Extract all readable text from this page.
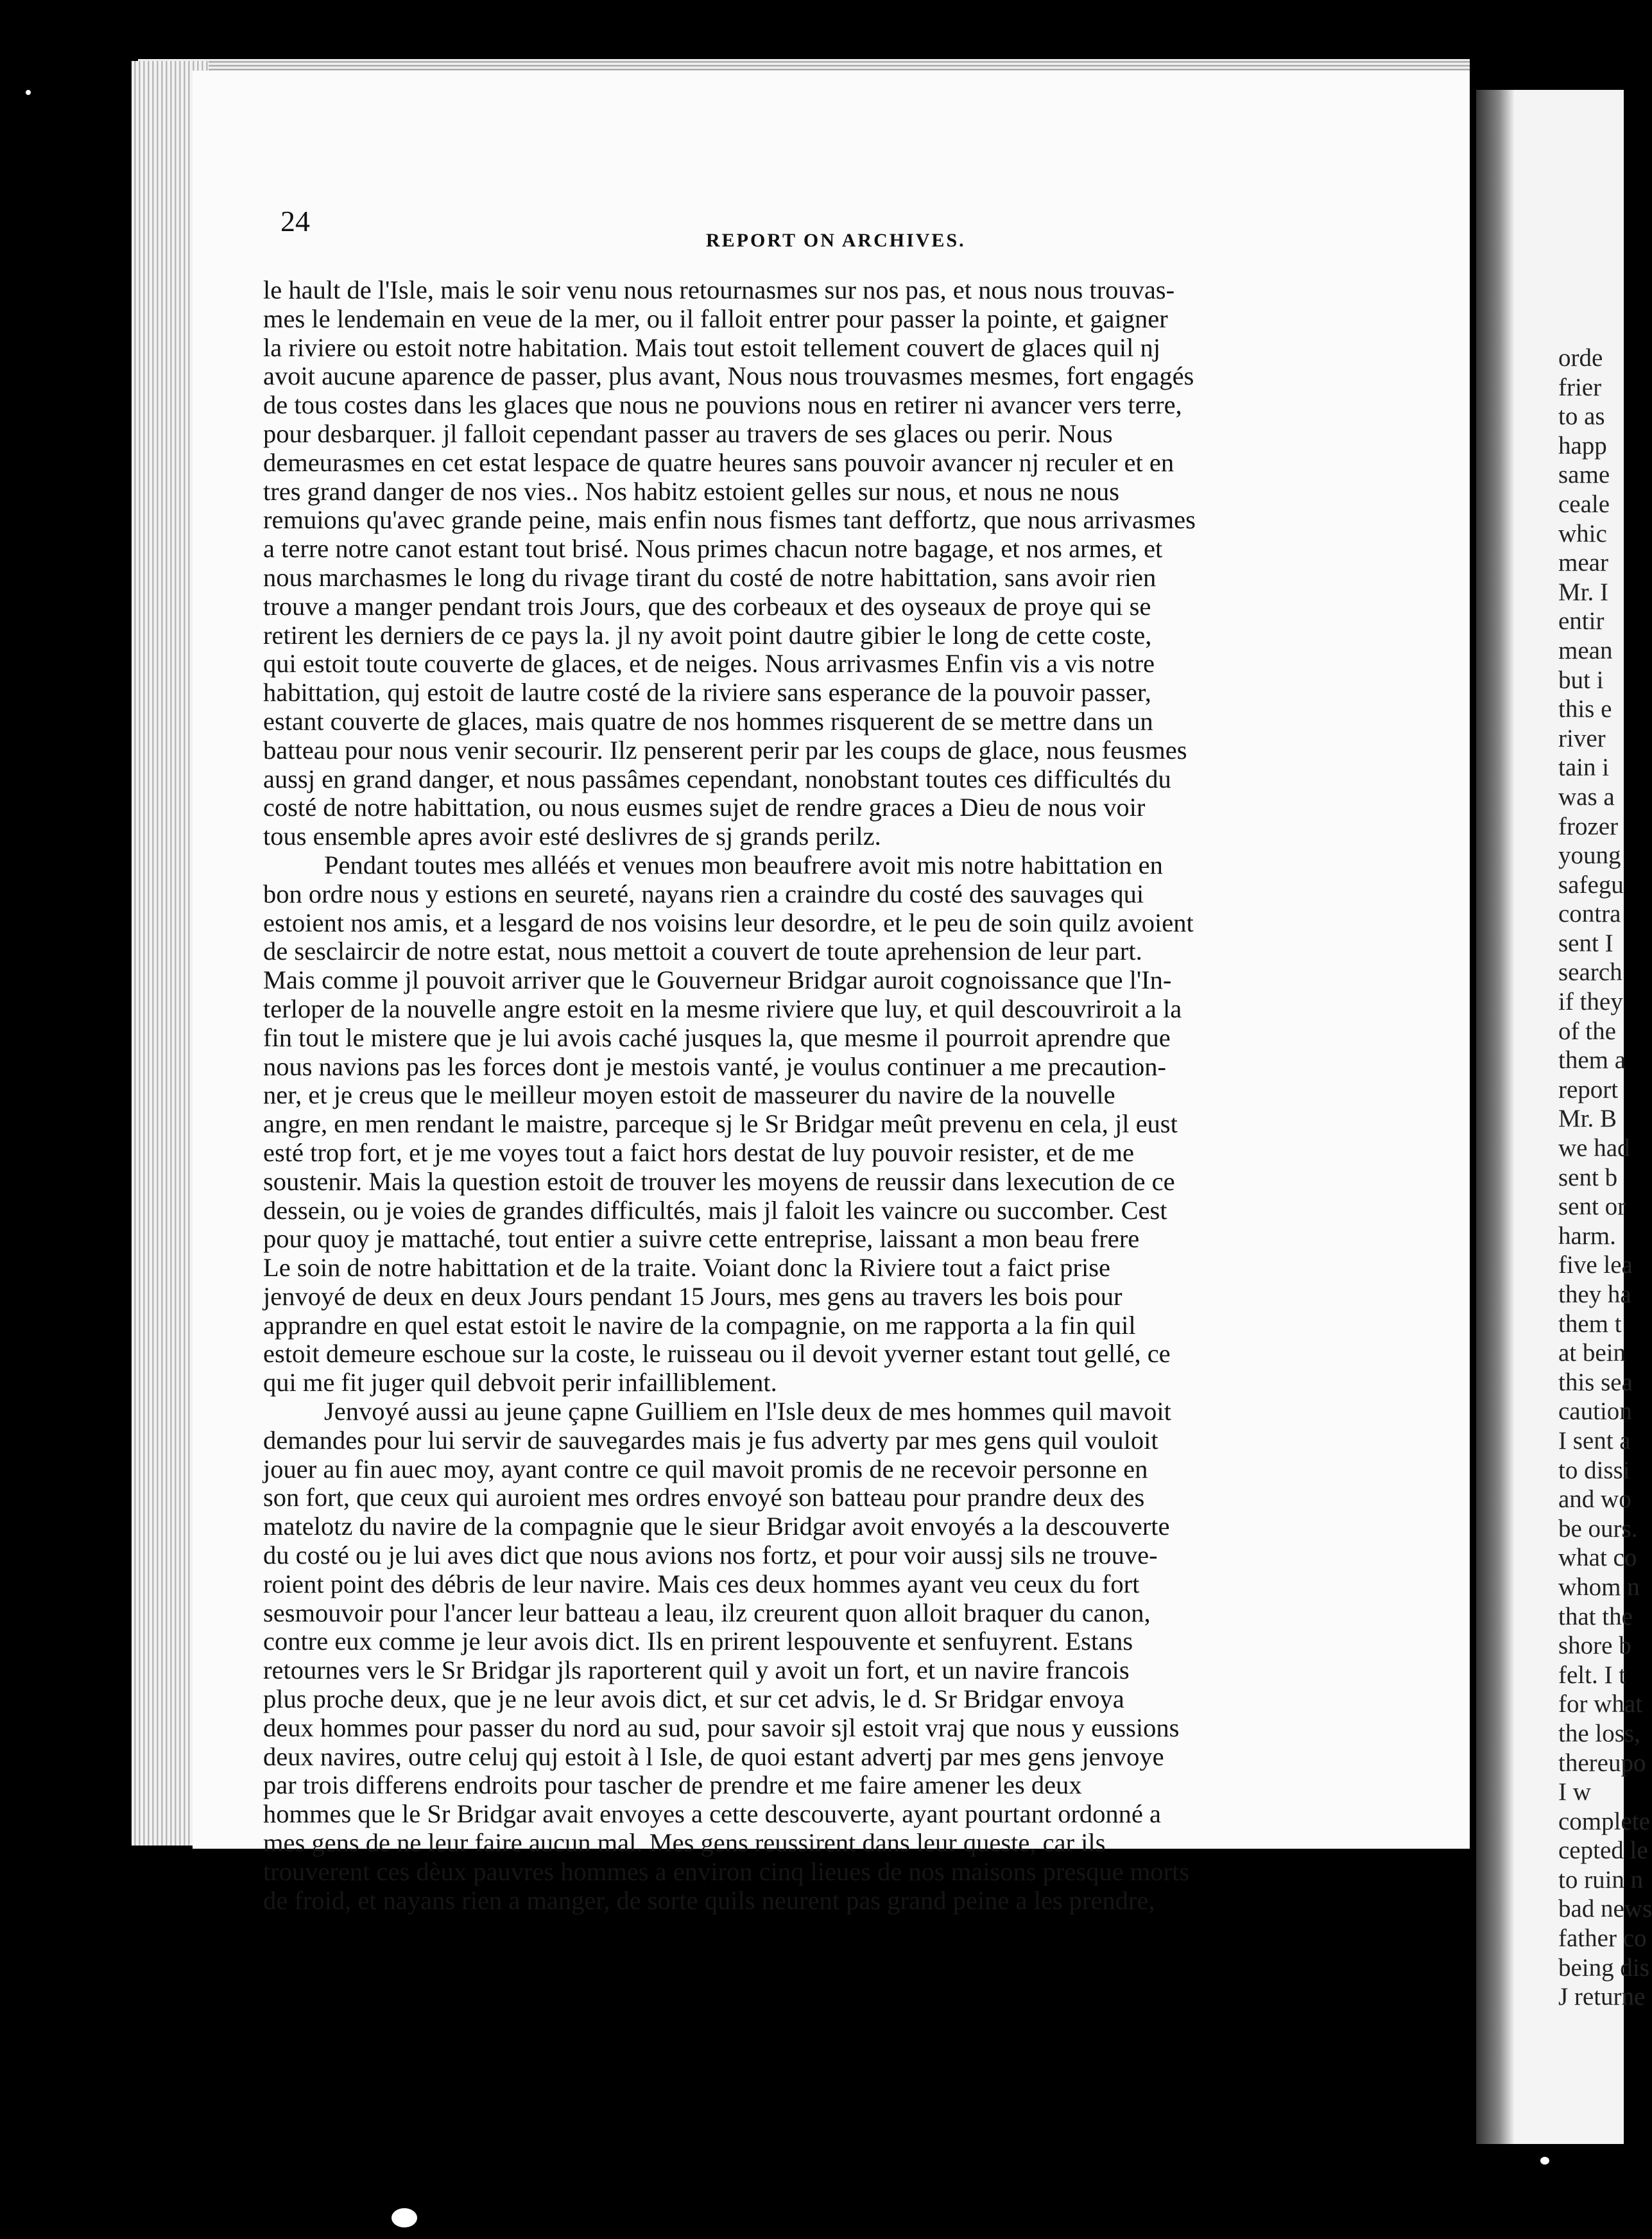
orde
frier
to as
happ
same
ceale
whic
mear
Mr. I
entir
mean
but i
this e
river
tain i
was a
frozer
young
safegu
contra
sent I
search
if they
of the
them a
report
Mr. B
we had
sent b
sent or
harm.
five lea
they ha
them t
at bein
this sea
caution
I sent a
to dissi
and wo
be ours.
what co
whom n
that the
shore b
felt. I t
for what
the loss,
thereupo
I w
complete
cepted le
to ruin n
bad news
father co
being dis
J returne
24
REPORT ON ARCHIVES.
le hault de l'Isle, mais le soir venu nous retournasmes sur nos pas, et nous nous trouvas-
mes le lendemain en veue de la mer, ou il falloit entrer pour passer la pointe, et gaigner
la riviere ou estoit notre habitation. Mais tout estoit tellement couvert de glaces quil nj
avoit aucune aparence de passer, plus avant, Nous nous trouvasmes mesmes, fort engagés
de tous costes dans les glaces que nous ne pouvions nous en retirer ni avancer vers terre,
pour desbarquer. jl falloit cependant passer au travers de ses glaces ou perir. Nous
demeurasmes en cet estat lespace de quatre heures sans pouvoir avancer nj reculer et en
tres grand danger de nos vies.. Nos habitz estoient gelles sur nous, et nous ne nous
remuions qu'avec grande peine, mais enfin nous fismes tant deffortz, que nous arrivasmes
a terre notre canot estant tout brisé. Nous primes chacun notre bagage, et nos armes, et
nous marchasmes le long du rivage tirant du costé de notre habittation, sans avoir rien
trouve a manger pendant trois Jours, que des corbeaux et des oyseaux de proye qui se
retirent les derniers de ce pays la. jl ny avoit point dautre gibier le long de cette coste,
qui estoit toute couverte de glaces, et de neiges. Nous arrivasmes Enfin vis a vis notre
habittation, quj estoit de lautre costé de la riviere sans esperance de la pouvoir passer,
estant couverte de glaces, mais quatre de nos hommes risquerent de se mettre dans un
batteau pour nous venir secourir. Ilz penserent perir par les coups de glace, nous feusmes
aussj en grand danger, et nous passâmes cependant, nonobstant toutes ces difficultés du
costé de notre habittation, ou nous eusmes sujet de rendre graces a Dieu de nous voir
tous ensemble apres avoir esté deslivres de sj grands perilz.
Pendant toutes mes alléés et venues mon beaufrere avoit mis notre habittation en
bon ordre nous y estions en seureté, nayans rien a craindre du costé des sauvages qui
estoient nos amis, et a lesgard de nos voisins leur desordre, et le peu de soin quilz avoient
de sesclaircir de notre estat, nous mettoit a couvert de toute aprehension de leur part.
Mais comme jl pouvoit arriver que le Gouverneur Bridgar auroit cognoissance que l'In-
terloper de la nouvelle angre estoit en la mesme riviere que luy, et quil descouvriroit a la
fin tout le mistere que je lui avois caché jusques la, que mesme il pourroit aprendre que
nous navions pas les forces dont je mestois vanté, je voulus continuer a me precaution-
ner, et je creus que le meilleur moyen estoit de masseurer du navire de la nouvelle
angre, en men rendant le maistre, parceque sj le Sr Bridgar meût prevenu en cela, jl eust
esté trop fort, et je me voyes tout a faict hors destat de luy pouvoir resister, et de me
soustenir. Mais la question estoit de trouver les moyens de reussir dans lexecution de ce
dessein, ou je voies de grandes difficultés, mais jl faloit les vaincre ou succomber. Cest
pour quoy je mattaché, tout entier a suivre cette entreprise, laissant a mon beau frere
Le soin de notre habittation et de la traite. Voiant donc la Riviere tout a faict prise
jenvoyé de deux en deux Jours pendant 15 Jours, mes gens au travers les bois pour
apprandre en quel estat estoit le navire de la compagnie, on me rapporta a la fin quil
estoit demeure eschoue sur la coste, le ruisseau ou il devoit yverner estant tout gellé, ce
qui me fit juger quil debvoit perir infailliblement.
Jenvoyé aussi au jeune çapne Guilliem en l'Isle deux de mes hommes quil mavoit
demandes pour lui servir de sauvegardes mais je fus adverty par mes gens quil vouloit
jouer au fin auec moy, ayant contre ce quil mavoit promis de ne recevoir personne en
son fort, que ceux qui auroient mes ordres envoyé son batteau pour prandre deux des
matelotz du navire de la compagnie que le sieur Bridgar avoit envoyés a la descouverte
du costé ou je lui aves dict que nous avions nos fortz, et pour voir aussj sils ne trouve-
roient point des débris de leur navire. Mais ces deux hommes ayant veu ceux du fort
sesmouvoir pour l'ancer leur batteau a leau, ilz creurent quon alloit braquer du canon,
contre eux comme je leur avois dict. Ils en prirent lespouvente et senfuyrent. Estans
retournes vers le Sr Bridgar jls raporterent quil y avoit un fort, et un navire francois
plus proche deux, que je ne leur avois dict, et sur cet advis, le d. Sr Bridgar envoya
deux hommes pour passer du nord au sud, pour savoir sjl estoit vraj que nous y eussions
deux navires, outre celuj quj estoit à l Isle, de quoi estant advertj par mes gens jenvoye
par trois differens endroits pour tascher de prendre et me faire amener les deux
hommes que le Sr Bridgar avait envoyes a cette descouverte, ayant pourtant ordonné a
mes gens de ne leur faire aucun mal. Mes gens reussirent dans leur queste, car ils
trouverent ces dèux pauvres hommes a environ cinq lieues de nos maisons presque morts
de froid, et nayans rien a manger, de sorte quils neurent pas grand peine a les prendre,
